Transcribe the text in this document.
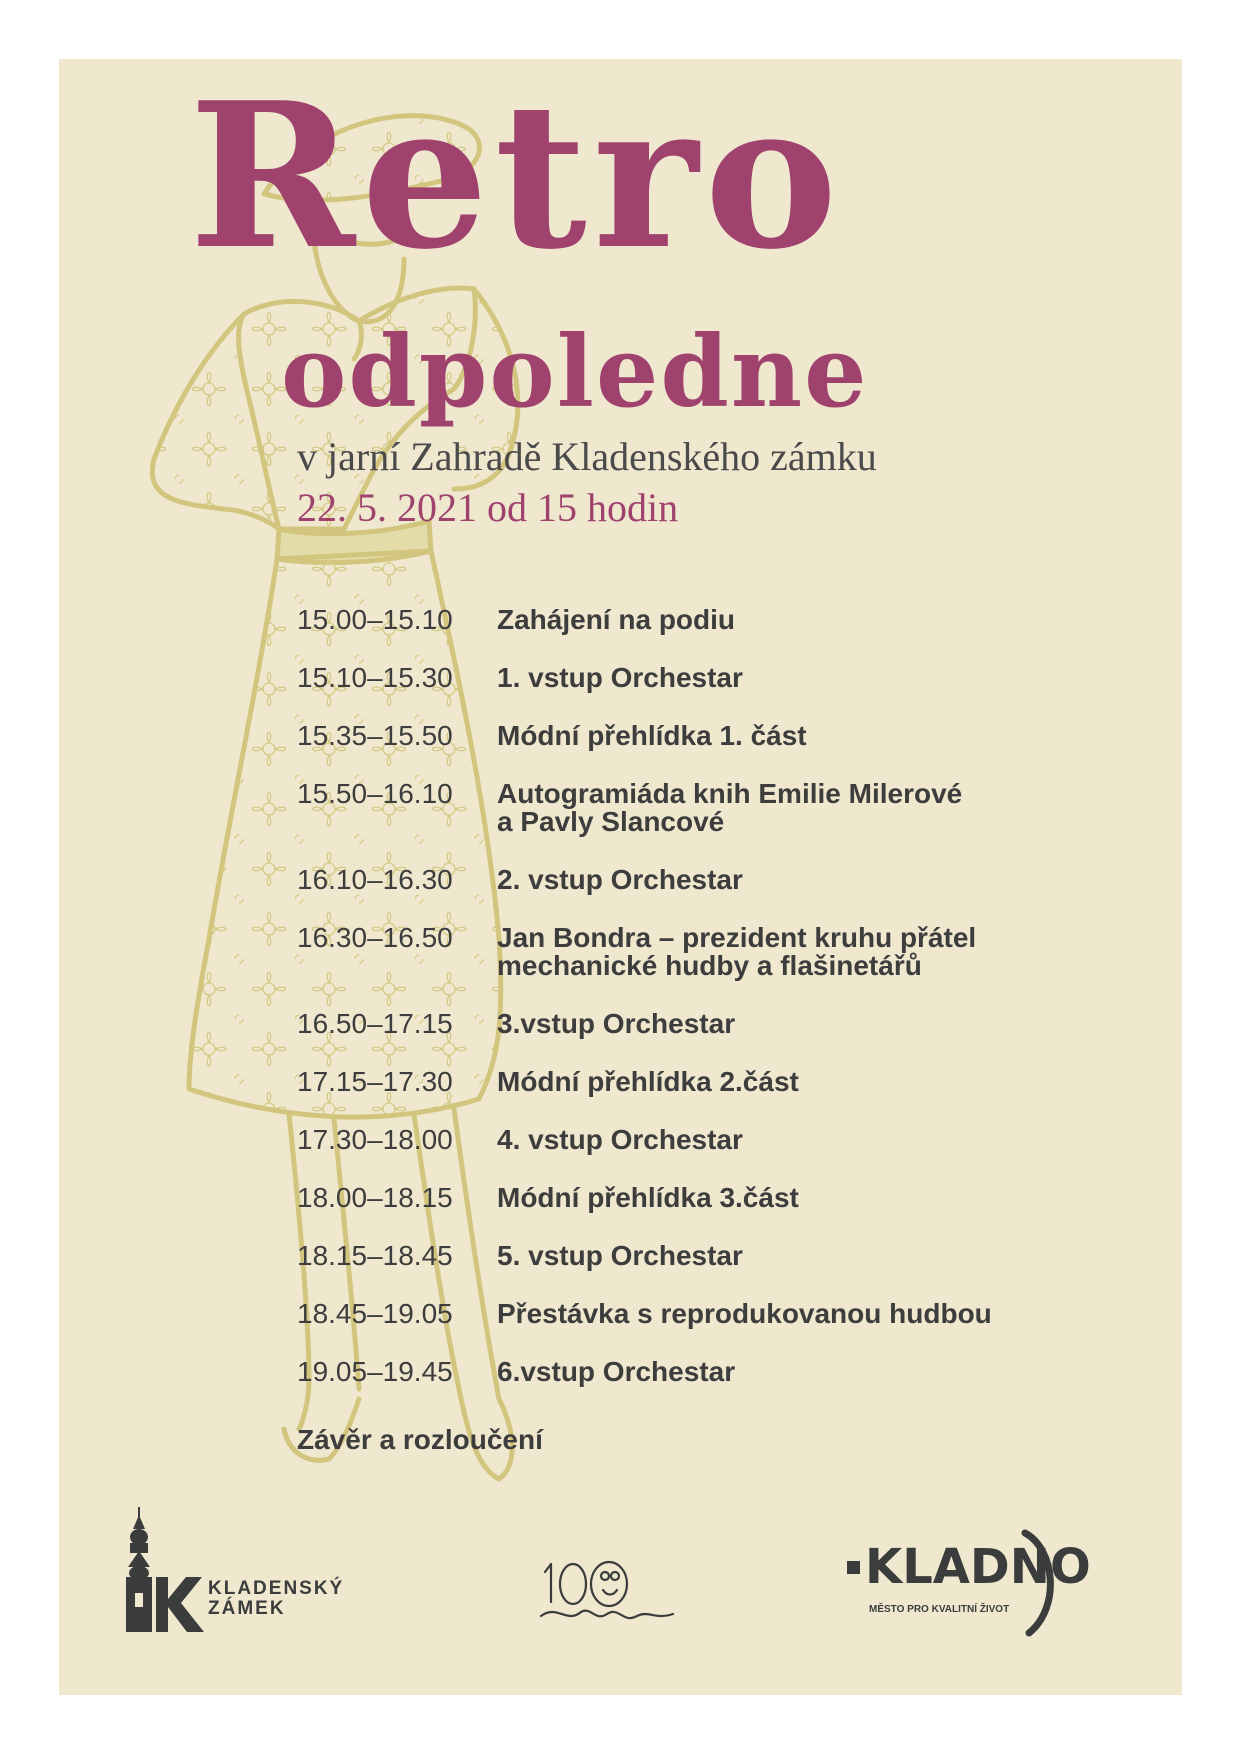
Retro
odpoledne
v jarní Zahradě Kladenského zámku
22. 5. 2021 od 15 hodin
15.00–15.10	Zahájení na podiu
15.10–15.30	1. vstup Orchestar
15.35–15.50	Módní přehlídka 1. část
15.50–16.10	Autogramiáda knih Emilie Milerové
a Pavly Slancové
16.10–16.30	2. vstup Orchestar
16.30–16.50	Jan Bondra – prezident kruhu přátel
mechanické hudby a flašinetářů
16.50–17.15	3.vstup Orchestar
17.15–17.30	Módní přehlídka 2.část
17.30–18.00	4. vstup Orchestar
18.00–18.15	Módní přehlídka 3.část
18.15–18.45	5. vstup Orchestar
18.45–19.05	Přestávka s reprodukovanou hudbou
19.05–19.45	6.vstup Orchestar
Závěr a rozloučení
KLADENSKÝ
ZÁMEK
KLADNO
MĚSTO PRO KVALITNÍ ŽIVOT
